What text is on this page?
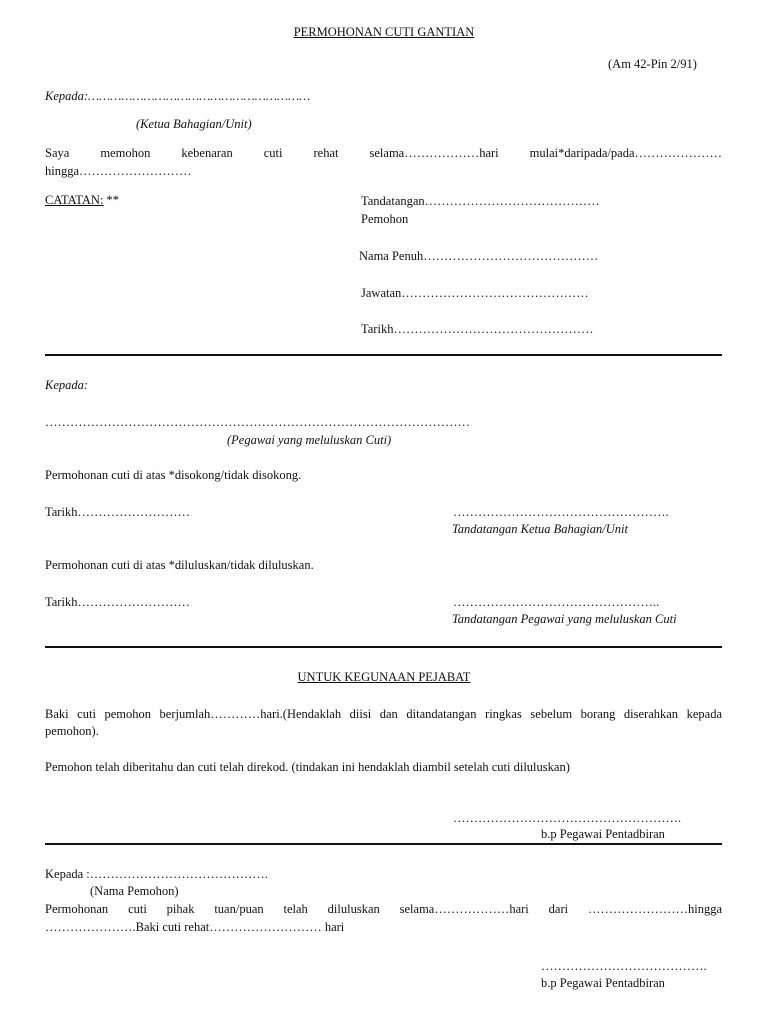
PERMOHONAN CUTI GANTIAN
(Am 42-Pin 2/91)
Kepada:……………………………………………………
(Ketua Bahagian/Unit)
Saya memohon kebenaran cuti rehat selama………………hari mulai*daripada/pada…………………
hingga………………………
CATATAN: **	Tandatangan……………………………………
Pemohon
Nama Penuh……………………………………
Jawatan………………………………………
Tarikh…………………………………………
Kepada:
…………………………………………………………………………………………
(Pegawai yang meluluskan Cuti)
Permohonan cuti di atas *disokong/tidak disokong.
Tarikh………………………	…………………………………………….
Tandatangan Ketua Bahagian/Unit
Permohonan cuti di atas *diluluskan/tidak diluluskan.
Tarikh………………………	…………………………………………..
Tandatangan Pegawai yang meluluskan Cuti
UNTUK KEGUNAAN PEJABAT
Baki cuti pemohon berjumlah…………hari.(Hendaklah diisi dan ditandatangan ringkas sebelum borang diserahkan kepada
pemohon).
Pemohon telah diberitahu dan cuti telah direkod. (tindakan ini hendaklah diambil setelah cuti diluluskan)
……………………………………………….
b.p Pegawai Pentadbiran
Kepada :…………………………………….
(Nama Pemohon)
Permohonan cuti pihak tuan/puan telah diluluskan selama………………hari dari ……………………hingga
………………….Baki cuti rehat……………………… hari
………………………………….
b.p Pegawai Pentadbiran
